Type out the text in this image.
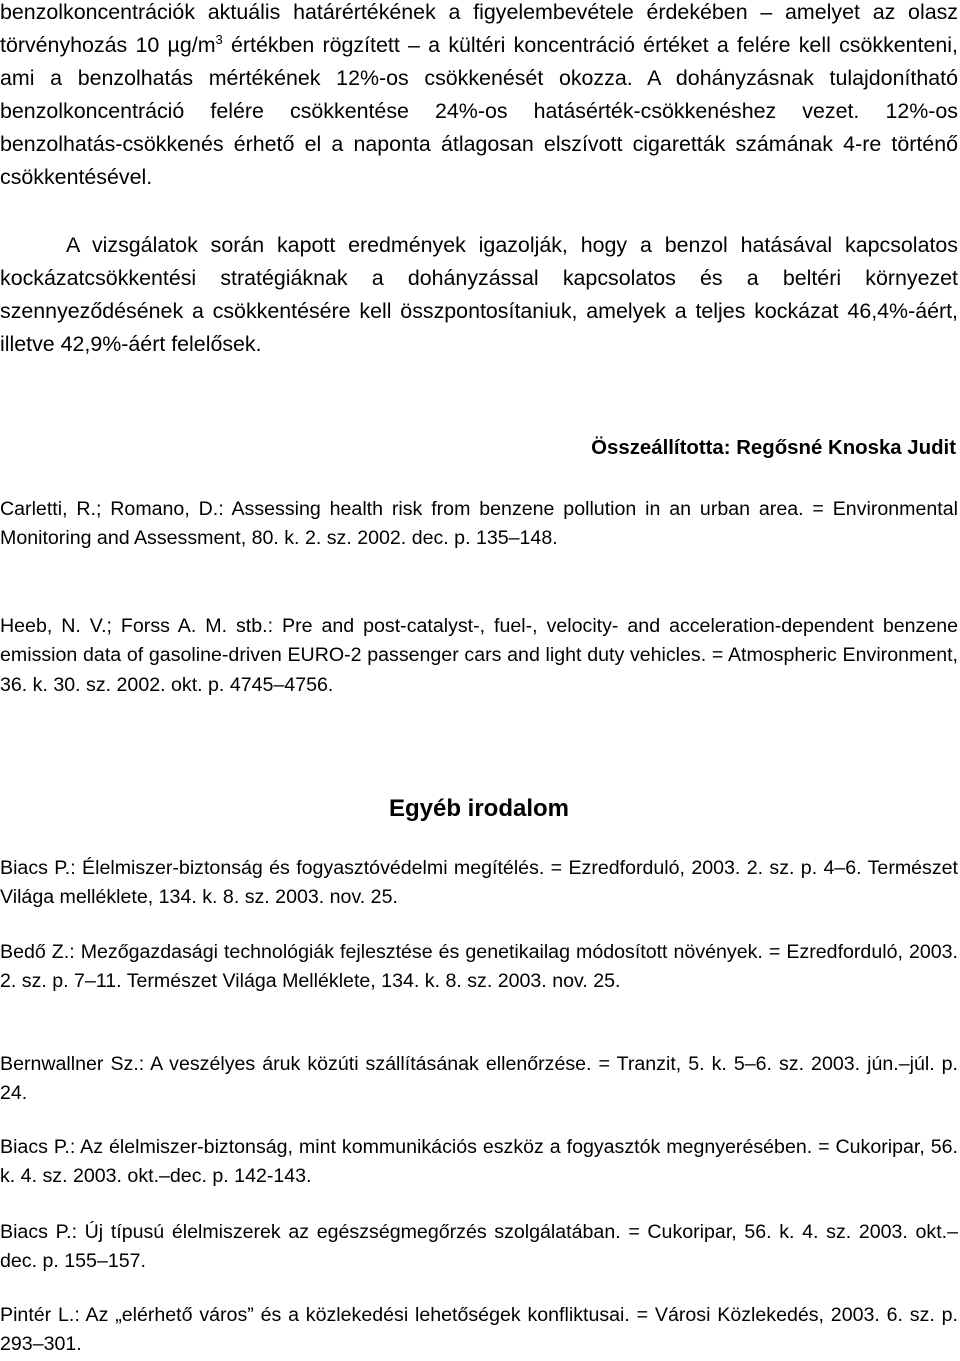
benzolkoncentrációk aktuális határértékének a figyelembevétele érdekében – amelyet az olasz törvényhozás 10 $\mu g/m^3$ értékben rögzített – a kültéri koncentráció értéket a felére kell csökkenteni, ami a benzolhatás mértékének 12%-os csökkenését okozza. A dohányzásnak tulajdonítható benzolkoncentráció felére csökkentése 24%-os hatásérték-csökkenéshez vezet. 12%-os benzolhatás-csökkenés érhető el a naponta átlagosan elszívott cigaretták számának 4-re történő csökkentésével.

A vizsgálatok során kapott eredmények igazolják, hogy a benzol hatásával kapcsolatos kockázatcsökkentési stratégiáknak a dohányzással kapcsolatos és a beltéri környezet szennyeződésének a csökkentésére kell összpontosítaniuk, amelyek a teljes kockázat 46,4%-áért, illetve 42,9%-áért felelősek.

Összeállította: Regősné Knoska Judit

Carletti, R.; Romano, D.: Assessing health risk from benzene pollution in an urban area. = Environmental Monitoring and Assessment, 80. k. 2. sz. 2002. dec. p. 135–148.

Heeb, N. V.; Forss A. M. stb.: Pre and post-catalyst-, fuel-, velocity- and acceleration-dependent benzene emission data of gasoline-driven EURO-2 passenger cars and light duty vehicles. = Atmospheric Environment, 36. k. 30. sz. 2002. okt. p. 4745–4756.

Egyéb irodalom

Biacs P.: Élelmiszer-biztonság és fogyasztóvédelmi megítélés. = Ezredforduló, 2003. 2. sz. p. 4–6. Természet Világa melléklete, 134. k. 8. sz. 2003. nov. 25.

Bedő Z.: Mezőgazdasági technológiák fejlesztése és genetikailag módosított növények. = Ezredforduló, 2003. 2. sz. p. 7–11. Természet Világa Melléklete, 134. k. 8. sz. 2003. nov. 25.

Bernwallner Sz.: A veszélyes áruk közúti szállításának ellenőrzése. = Tranzit, 5. k. 5–6. sz. 2003. jún.–júl. p. 24.

Biacs P.: Az élelmiszer-biztonság, mint kommunikációs eszköz a fogyasztók megnyerésében. = Cukoripar, 56. k. 4. sz. 2003. okt.–dec. p. 142-143.

Biacs P.: Új típusú élelmiszerek az egészségmegőrzés szolgálatában. = Cukoripar, 56. k. 4. sz. 2003. okt.–dec. p. 155–157.

Pintér L.: Az „elérhető város” és a közlekedési lehetőségek konfliktusai. = Városi Közlekedés, 2003. 6. sz. p. 293–301.
